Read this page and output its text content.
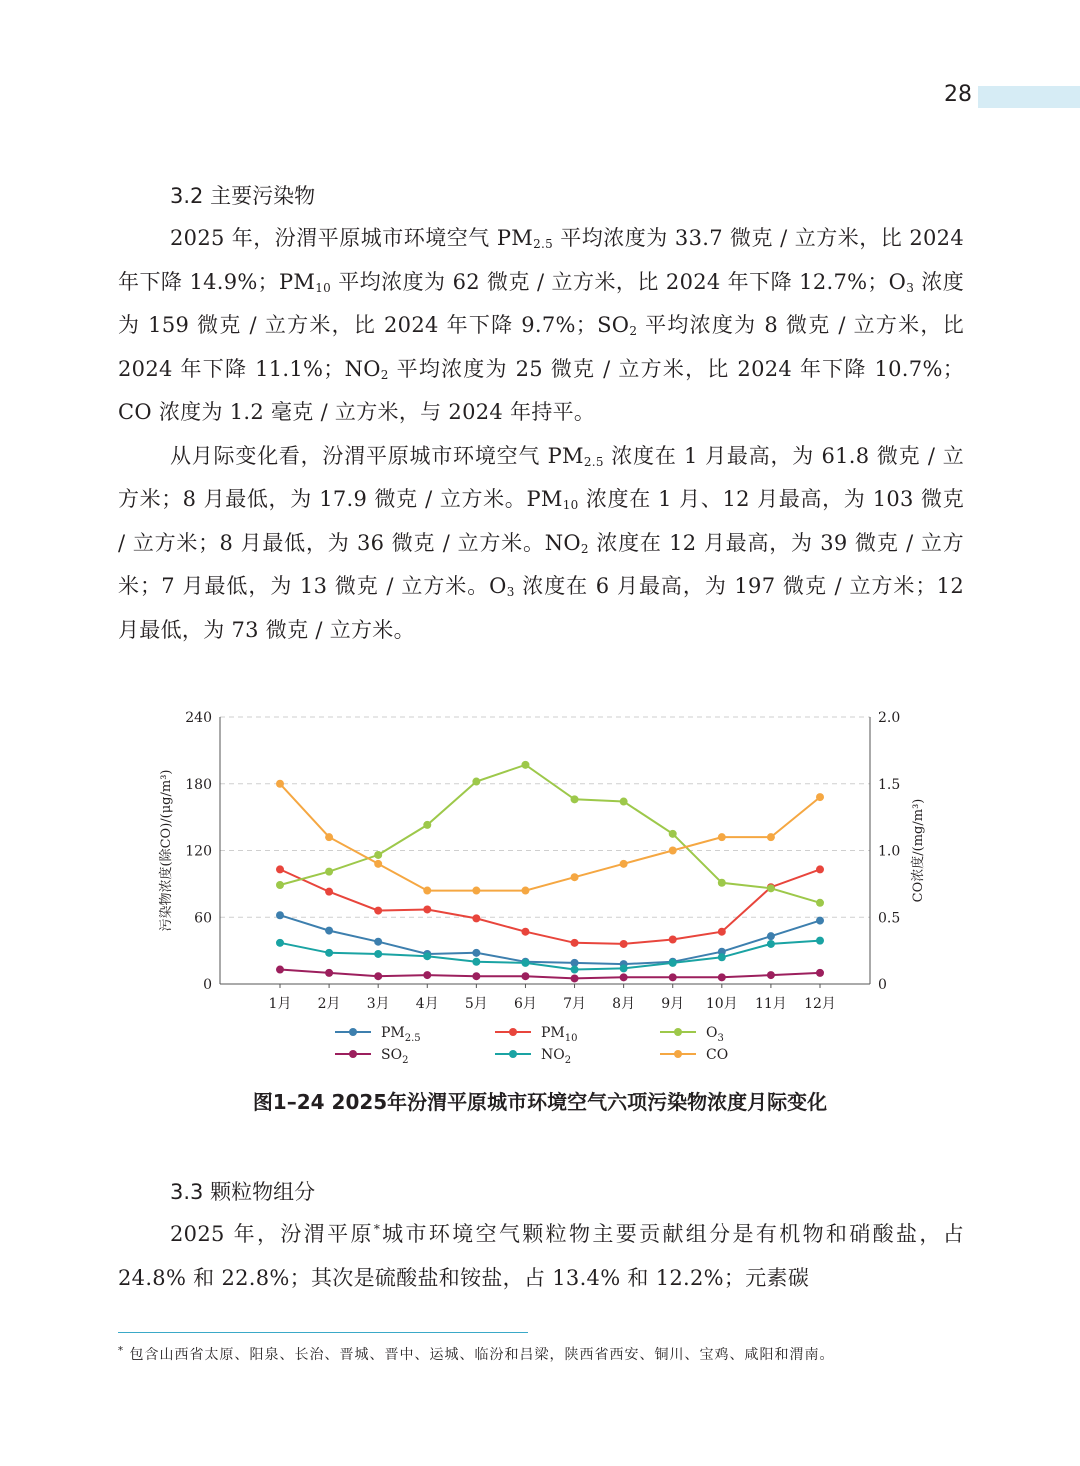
28
3.2 主要污染物

2025 年，汾渭平原城市环境空气 $PM_{2.5}$ 平均浓度为 33.7 微克 / 立方米，比 2024 年下降 14.9%；$PM_{10}$ 平均浓度为 62 微克 / 立方米，比 2024 年下降 12.7%；$O_3$ 浓度为 159 微克 / 立方米，比 2024 年下降 9.7%；$SO_2$ 平均浓度为 8 微克 / 立方米，比 2024 年下降 11.1%；$NO_2$ 平均浓度为 25 微克 / 立方米，比 2024 年下降 10.7%；CO 浓度为 1.2 毫克 / 立方米，与 2024 年持平。

从月际变化看，汾渭平原城市环境空气 $PM_{2.5}$ 浓度在 1 月最高，为 61.8 微克 / 立方米；8 月最低，为 17.9 微克 / 立方米。$PM_{10}$ 浓度在 1 月、12 月最高，为 103 微克 / 立方米；8 月最低，为 36 微克 / 立方米。$NO_2$ 浓度在 12 月最高，为 39 微克 / 立方米；7 月最低，为 13 微克 / 立方米。$O_3$ 浓度在 6 月最高，为 197 微克 / 立方米；12 月最低，为 73 微克 / 立方米。

0
60
120
180
240
0
0.5
1.0
1.5
2.0
1月 2月 3月 4月 5月 6月 7月 8月 9月 10月 11月 12月
污染物浓度(除CO)/(μg/m³)	CO浓度/(mg/m³)
$PM_{2.5}$	$PM_{10}$	$O_3$
$SO_2$	$NO_2$	CO
图1–24 2025年汾渭平原城市环境空气六项污染物浓度月际变化
3.3 颗粒物组分

2025 年，汾渭平原*城市环境空气颗粒物主要贡献组分是有机物和硝酸盐，占 24.8% 和 22.8%；其次是硫酸盐和铵盐，占 13.4% 和 12.2%；元素碳

* 包含山西省太原、阳泉、长治、晋城、晋中、运城、临汾和吕梁，陕西省西安、铜川、宝鸡、咸阳和渭南。
